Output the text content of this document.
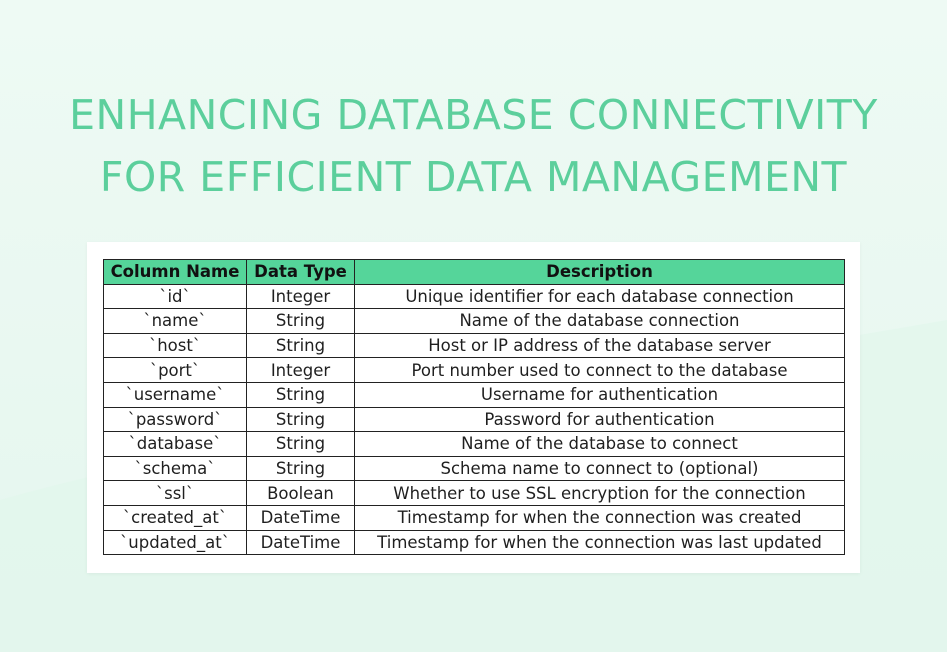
ENHANCING DATABASE CONNECTIVITY
FOR EFFICIENT DATA MANAGEMENT
Column Name	Data Type	Description
`id`	Integer	Unique identifier for each database connection
`name`	String	Name of the database connection
`host`	String	Host or IP address of the database server
`port`	Integer	Port number used to connect to the database
`username`	String	Username for authentication
`password`	String	Password for authentication
`database`	String	Name of the database to connect
`schema`	String	Schema name to connect to (optional)
`ssl`	Boolean	Whether to use SSL encryption for the connection
`created_at`	DateTime	Timestamp for when the connection was created
`updated_at`	DateTime	Timestamp for when the connection was last updated
